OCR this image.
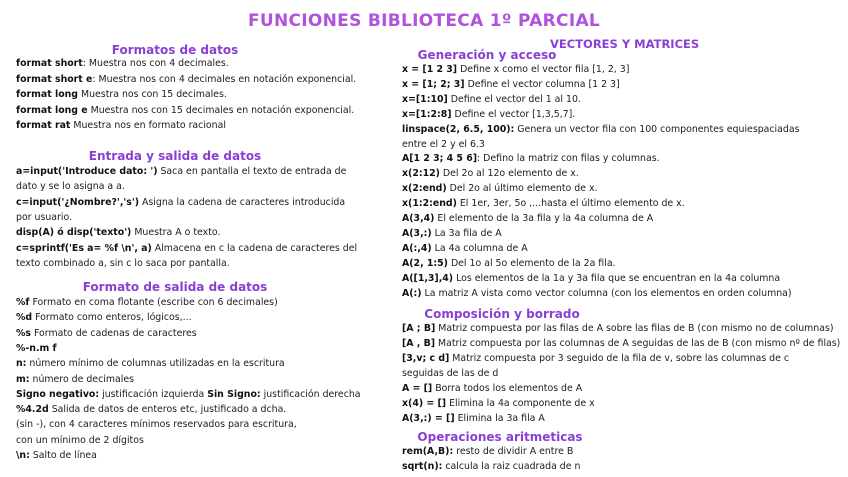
FUNCIONES BIBLIOTECA 1º PARCIAL
VECTORES Y MATRICES
Formatos de datos
format short: Muestra nos con 4 decimales.
format short e: Muestra nos con 4 decimales en notación exponencial.
format long Muestra nos con 15 decimales.
format long e Muestra nos con 15 decimales en notación exponencial.
format rat Muestra nos en formato racional
Entrada y salida de datos
a=input('Introduce dato: ') Saca en pantalla el texto de entrada de
dato y se lo asigna a a.
c=input('¿Nombre?','s') Asigna la cadena de caracteres introducida
por usuario.
disp(A) ó disp('texto') Muestra A o texto.
c=sprintf('Es a= %f \n', a) Almacena en c la cadena de caracteres del
texto combinado a, sin c lo saca por pantalla.
Formato de salida de datos
%f Formato en coma flotante (escribe con 6 decimales)
%d Formato como enteros, lógicos,...
%s Formato de cadenas de caracteres
%-n.m f
n: número mínimo de columnas utilizadas en la escritura
m: número de decimales
Signo negativo: justificación izquierda Sin Signo: justificación derecha
%4.2d Salida de datos de enteros etc, justificado a dcha.
(sin -), con 4 caracteres mínimos reservados para escritura,
con un mínimo de 2 dígitos
\n: Salto de línea
Generación y acceso
x = [1 2 3] Define x como el vector fila [1, 2, 3]
x = [1; 2; 3] Define el vector columna [1 2 3]
x=[1:10] Define el vector del 1 al 10.
x=[1:2:8] Define el vector [1,3,5,7].
linspace(2, 6.5, 100): Genera un vector fila con 100 componentes equiespaciadas
entre el 2 y el 6.3
A[1 2 3; 4 5 6]: Defino la matriz con filas y columnas.
x(2:12) Del 2o al 12o elemento de x.
x(2:end) Del 2o al último elemento de x.
x(1:2:end) El 1er, 3er, 5o ,...hasta el último elemento de x.
A(3,4) El elemento de la 3a fila y la 4a columna de A
A(3,:) La 3a fila de A
A(:,4) La 4a columna de A
A(2, 1:5) Del 1o al 5o elemento de la 2a fila.
A([1,3],4) Los elementos de la 1a y 3a fila que se encuentran en la 4a columna
A(:) La matriz A vista como vector columna (con los elementos en orden columna)
Composición y borrado
[A ; B] Matriz compuesta por las filas de A sobre las filas de B (con mismo no de columnas)
[A , B] Matriz compuesta por las columnas de A seguidas de las de B (con mismo nº de filas)
[3,v; c d] Matriz compuesta por 3 seguido de la fila de v, sobre las columnas de c
seguidas de las de d
A = [] Borra todos los elementos de A
x(4) = [] Elimina la 4a componente de x
A(3,:) = [] Elimina la 3a fila A
Operaciones aritmeticas
rem(A,B): resto de dividir A entre B
sqrt(n): calcula la raiz cuadrada de n
